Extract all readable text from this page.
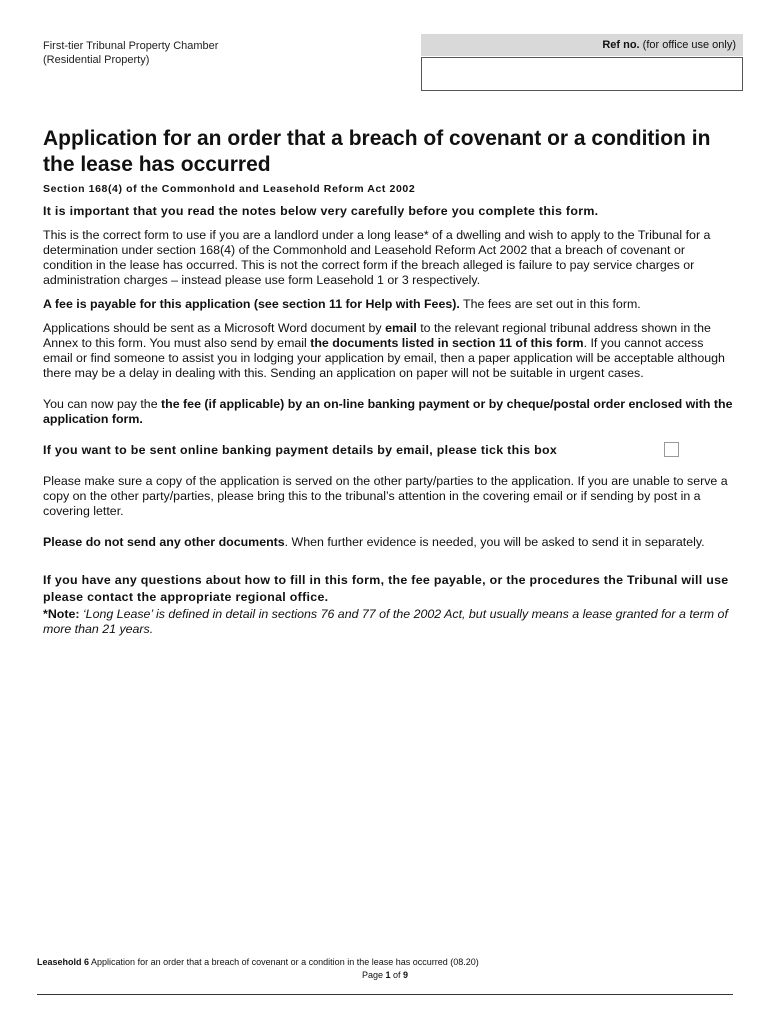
First-tier Tribunal Property Chamber
(Residential Property)
Ref no. (for office use only)
Application for an order that a breach of covenant or a condition in the lease has occurred
Section 168(4) of the Commonhold and Leasehold Reform Act 2002

It is important that you read the notes below very carefully before you complete this form.

This is the correct form to use if you are a landlord under a long lease* of a dwelling and wish to apply to the Tribunal for a determination under section 168(4) of the Commonhold and Leasehold Reform Act 2002 that a breach of covenant or condition in the lease has occurred. This is not the correct form if the breach alleged is failure to pay service charges or administration charges – instead please use form Leasehold 1 or 3 respectively.

A fee is payable for this application (see section 11 for Help with Fees). The fees are set out in this form.

Applications should be sent as a Microsoft Word document by email to the relevant regional tribunal address shown in the Annex to this form. You must also send by email the documents listed in section 11 of this form. If you cannot access email or find someone to assist you in lodging your application by email, then a paper application will be acceptable although there may be a delay in dealing with this. Sending an application on paper will not be suitable in urgent cases.

You can now pay the the fee (if applicable) by an on-line banking payment or by cheque/postal order enclosed with the application form.

If you want to be sent online banking payment details by email, please tick this box

Please make sure a copy of the application is served on the other party/parties to the application. If you are unable to serve a copy on the other party/parties, please bring this to the tribunal’s attention in the covering email or if sending by post in a covering letter.

Please do not send any other documents. When further evidence is needed, you will be asked to send it in separately.

If you have any questions about how to fill in this form, the fee payable, or the procedures the Tribunal will use please contact the appropriate regional office.

*Note: ‘Long Lease’ is defined in detail in sections 76 and 77 of the 2002 Act, but usually means a lease granted for a term of more than 21 years.

Leasehold 6 Application for an order that a breach of covenant or a condition in the lease has occurred (08.20)
Page 1 of 9
